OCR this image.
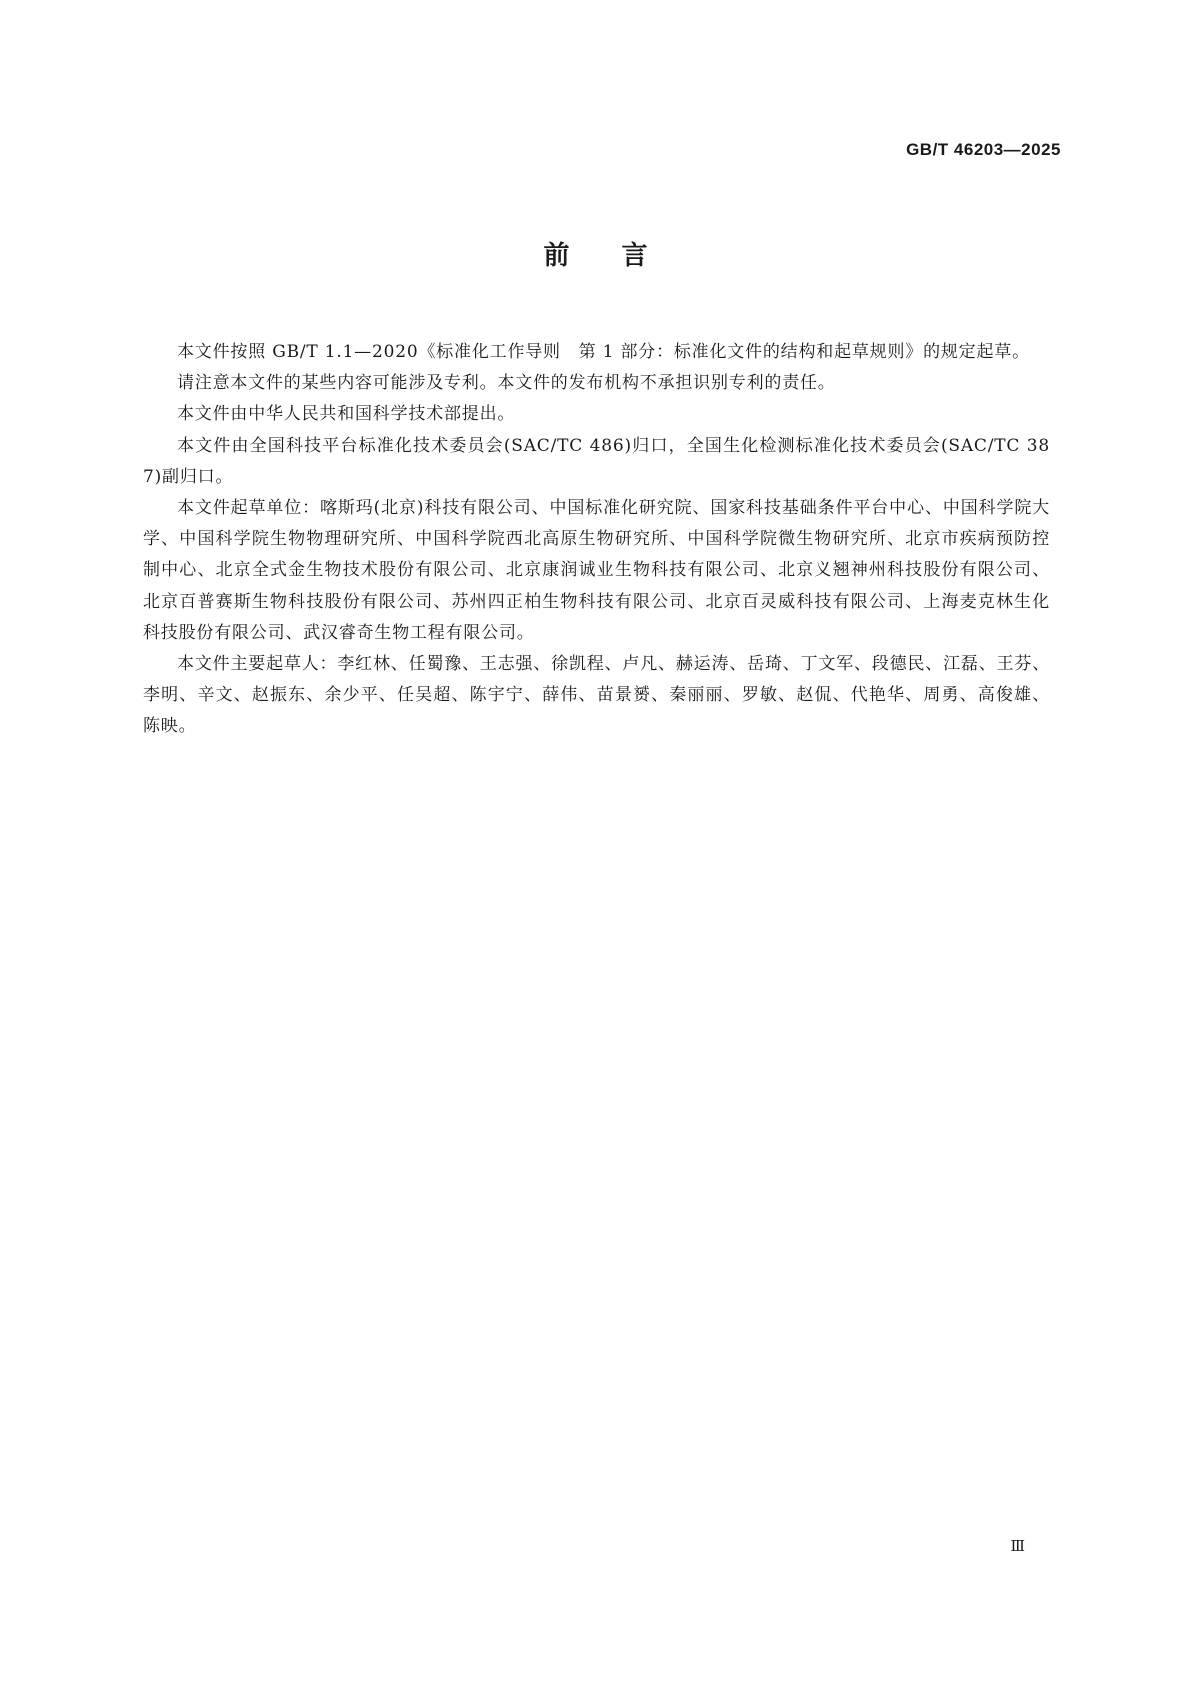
GB/T 46203—2025
前言

本文件按照 GB/T 1.1—2020《标准化工作导则　第 1 部分：标准化文件的结构和起草规则》的规定起草。

请注意本文件的某些内容可能涉及专利。本文件的发布机构不承担识别专利的责任。

本文件由中华人民共和国科学技术部提出。

本文件由全国科技平台标准化技术委员会(SAC/TC 486)归口，全国生化检测标准化技术委员会(SAC/TC 387)副归口。

本文件起草单位：喀斯玛(北京)科技有限公司、中国标准化研究院、国家科技基础条件平台中心、中国科学院大学、中国科学院生物物理研究所、中国科学院西北高原生物研究所、中国科学院微生物研究所、北京市疾病预防控制中心、北京全式金生物技术股份有限公司、北京康润诚业生物科技有限公司、北京义翘神州科技股份有限公司、北京百普赛斯生物科技股份有限公司、苏州四正柏生物科技有限公司、北京百灵威科技有限公司、上海麦克林生化科技股份有限公司、武汉睿奇生物工程有限公司。

本文件主要起草人：李红林、任蜀豫、王志强、徐凯程、卢凡、赫运涛、岳琦、丁文军、段德民、江磊、王芬、李明、辛文、赵振东、余少平、任吴超、陈宇宁、薛伟、苗景赟、秦丽丽、罗敏、赵侃、代艳华、周勇、高俊雄、陈映。

Ⅲ
